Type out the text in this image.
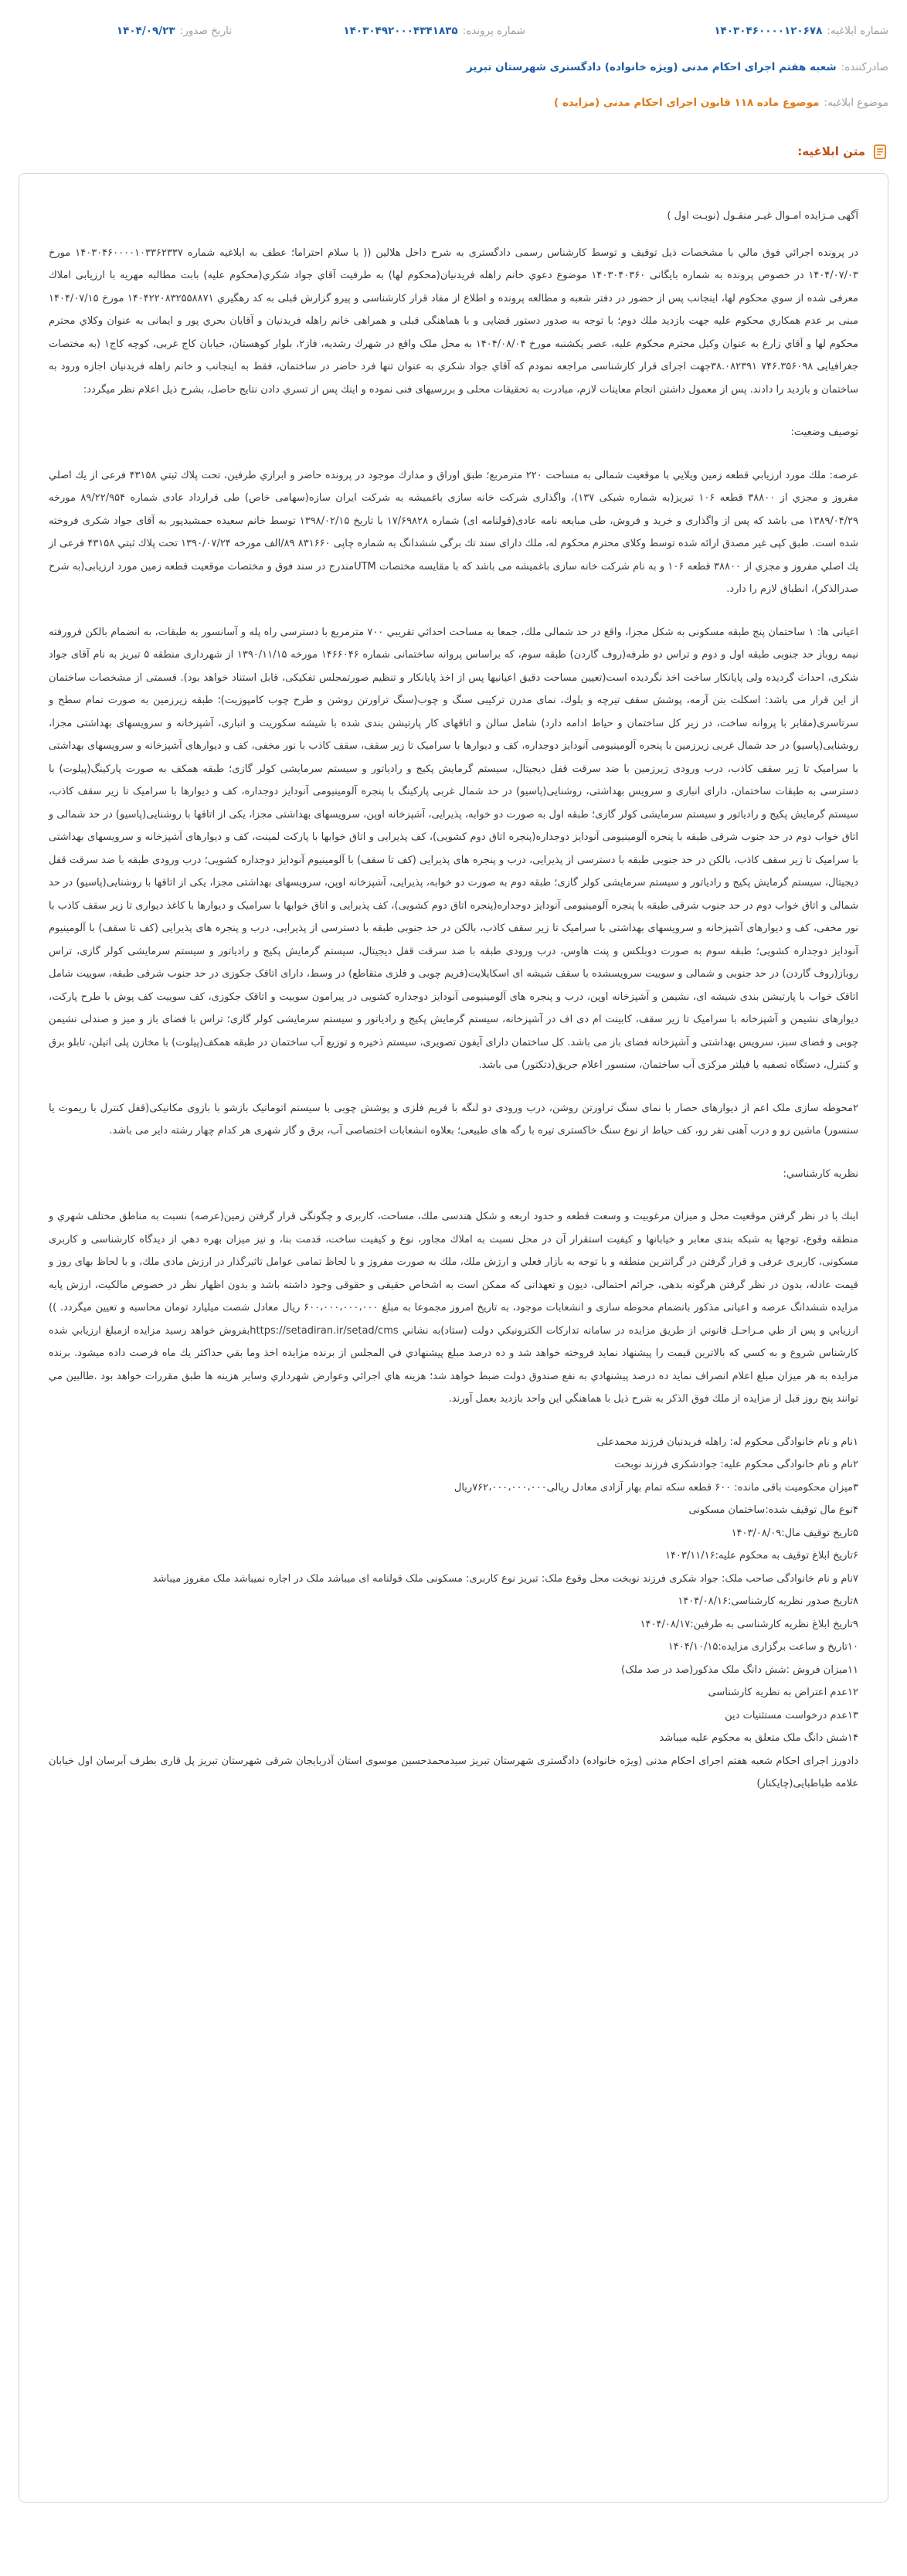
شماره ابلاغیه:
۱۴۰۳۰۴۶۰۰۰۰۱۲۰۶۷۸
شماره پرونده:
۱۴۰۳۰۴۹۲۰۰۰۴۳۴۱۸۳۵
تاریخ صدور:
۱۴۰۴/۰۹/۲۳
صادرکننده:
شعبه هفتم اجرای احکام مدنی (ویژه خانواده) دادگستری شهرستان تبریز
موضوع ابلاغیه:
موضوع ماده ۱۱۸ قانون اجرای احکام مدنی (مزایده )
متن ابلاغیه:

آگهی مـزایده امـوال غیـر منقـول (نوبـت اول )

در پرونده اجرائي فوق مالي با مشخصات ذيل توقيف و توسط كارشناس رسمی دادگستری به شرح داخل هلالين (( با سلام احتراما؛ عطف به ابلاغیه شماره ۱۴۰۳۰۴۶۰۰۰۰۱۰۳۳۶۲۳۳۷ مورخ ۱۴۰۴/۰۷/۰۳ در خصوص پرونده به شماره بایگانی ۱۴۰۳۰۴۰۳۶۰ موضوع دعوي خانم راهله فریدنیان(محکوم لها) به طرفیت آقاي جواد شکري(محکوم علیه) بابت مطالبه مهریه با ارزیابی املاك معرفی شده از سوي محکوم لها، اینجانب پس از حضور در دفتر شعبه و مطالعه پرونده و اطلاع از مفاد قرار کارشناسی و پیرو گزارش قبلی به کد رهگیري ۱۴۰۴۲۲۰۸۳۲۵۵۸۸۷۱ مورخ ۱۴۰۴/۰۷/۱۵ مبنی بر عدم همکاري محکوم علیه جهت بازدید ملك دوم؛ با توجه به صدور دستور قضایی و با هماهنگی قبلی و همراهی خانم راهله فریدنیان و آقایان بحري پور و ایمانی به عنوان وکلاي محترم محکوم لها و آقاي زارع به عنوان وکیل محترم محکوم علیه، عصر یکشنبه مورخ ۱۴۰۴/۰۸/۰۴ به محل ملک واقع در شهرك رشدیه، فاز۲، بلوار کوهستان، خیابان کاج غربی، کوچه کاج۱ (به مختصات جغرافیایی ۷۴۶.۳۵۶۰۹۸ ۳۸.۰۸۲۳۹۱جهت اجرای قرار کارشناسی مراجعه نمودم که آقاي جواد شکري به عنوان تنها فرد حاضر در ساختمان، فقط به اینجانب و خانم راهله فریدنیان اجازه ورود به ساختمان و بازدید را دادند. پس از معمول داشتن انجام معاینات لازم، مبادرت به تحقیقات محلی و بررسیهای فنی نموده و اینك پس از تسري دادن نتايج حاصل، بشرح ذيل اعلام نظر ميگردد:

توصيف وضعيت:

عرصه: ملك مورد ارزيابي قطعه زمين ويلايي با موقعیت شمالی به مساحت ۲۲۰ مترمربع؛ طبق اوراق و مدارك موجود در پرونده حاضر و ابرازي طرفين، تحت پلاك ثبتي ۴۳۱۵۸ فرعی از یك اصلي مفروز و مجزي از ۳۸۸۰۰ قطعه ۱۰۶ تبريز(به شماره شبکی ۱۳۷)، واگذاری شرکت خانه سازی باغمیشه به شرکت ایران سازه(سهامی خاص) طی قرارداد عادی شماره ۸۹/۲۲/۹۵۴ مورخه ۱۳۸۹/۰۴/۲۹ می باشد که پس از واگذاری و خرید و فروش، طی مبایعه نامه عادی(قولنامه ای) شماره ۱۷/۶۹۸۲۸ با تاریخ ۱۳۹۸/۰۲/۱۵ توسط خانم سعیده جمشیدپور به آقای جواد شکری فروخته شده است. طبق کپی غیر مصدق ارائه شده توسط وکلای محترم محکوم له، ملك دارای سند تك برگی ششدانگ به شماره چاپی ۸۳۱۶۶۰ ۸۹/الف مورخه ۱۳۹۰/۰۷/۲۴ تحت پلاك ثبتي ۴۳۱۵۸ فرعی از یك اصلي مفروز و مجزي از ۳۸۸۰۰ قطعه ۱۰۶ و به نام شرکت خانه سازی باغمیشه می باشد که با مقایسه مختصات UTMمندرج در سند فوق و مختصات موقعیت قطعه زمین مورد ارزیابی(به شرح صدرالذکر)، انطباق لازم را دارد.

اعیانی ها: ۱ ساختمان پنج طبقه مسکونی به شکل مجزا، واقع در حد شمالی ملك، جمعا به مساحت احداثي تقريبي ۷۰۰ مترمربع با دسترسی راه پله و آسانسور به طبقات، به انضمام بالکن فرورفته نیمه روباز حد جنوبی طبقه اول و دوم و تراس دو طرفه(روف گاردن) طبقه سوم، که براساس پروانه ساختمانی شماره ۱۴۶۶۰۴۶ مورخه ۱۳۹۰/۱۱/۱۵ از شهرداری منطقه ۵ تبریز به نام آقای جواد شکری، احداث گردیده ولی پایانکار ساخت اخذ نگردیده است(تعیین مساحت دقیق اعیانیها پس از اخذ پایانکار و تنظیم صورتمجلس تفکیکی، قابل استناد خواهد بود). قسمتی از مشخصات ساختمان از این قرار می باشد: اسکلت بتن آرمه، پوشش سقف تیرچه و بلوك، نمای مدرن ترکیبی سنگ و چوب(سنگ تراورتن روشن و طرح چوب کامپوزیت)؛ طبقه زیرزمین به صورت تمام سطح و سرتاسری(مقابر با پروانه ساخت، در زیر کل ساختمان و حیاط ادامه دارد) شامل سالن و اتاقهای کار پارتیشن بندی شده با شیشه سکوریت و انباری، آشپزخانه و سرویسهای بهداشتی مجزا، روشنایی(پاسیو) در حد شمال غربی زیرزمین با پنجره آلومینیومی آنودایز دوجداره، کف و دیوارها با سرامیک تا زیر سقف، سقف کاذب با نور مخفی، کف و دیوارهای آشپزخانه و سرویسهای بهداشتی با سرامیک تا زیر سقف کاذب، درب ورودی زیرزمین با ضد سرقت قفل دیجیتال، سیستم گرمایش پکیج و رادیاتور و سیستم سرمایشی کولر گازی؛ طبقه همکف به صورت پارکینگ(پیلوت) با دسترسی به طبقات ساختمان، دارای انباری و سرویس بهداشتی، روشنایی(پاسیو) در حد شمال غربی پارکینگ با پنجره آلومینیومی آنودایز دوجداره، کف و دیوارها با سرامیک تا زیر سقف کاذب، سیستم گرمایش پکیج و رادیاتور و سیستم سرمایشی کولر گازی؛ طبقه اول به صورت دو خوابه، پذیرایی، آشپزخانه اوپن، سرویسهای بهداشتی مجزا، یکی از اتاقها با روشنایی(پاسیو) در حد شمالی و اتاق خواب دوم در حد جنوب شرقی طبقه با پنجره آلومینیومی آنودایز دوجداره(پنجره اتاق دوم کشویی)، کف پذیرایی و اتاق خوابها با پارکت لمینت، کف و دیوارهای آشپزخانه و سرویسهای بهداشتی با سرامیک تا زیر سقف کاذب، بالکن در حد جنوبی طبقه با دسترسی از پذیرایی، درب و پنجره های پذیرایی (کف تا سقف) با آلومینیوم آنودایز دوجداره کشویی؛ درب ورودی طبقه با ضد سرقت قفل دیجیتال، سیستم گرمایش پکیج و رادیاتور و سیستم سرمایشی کولر گازی؛ طبقه دوم به صورت دو خوابه، پذیرایی، آشپزخانه اوپن، سرویسهای بهداشتی مجزا، یکی از اتاقها با روشنایی(پاسیو) در حد شمالی و اتاق خواب دوم در حد جنوب شرقی طبقه با پنجره آلومینیومی آنودایز دوجداره(پنجره اتاق دوم کشویی)، کف پذیرایی و اتاق خوابها با سرامیک و دیوارها با کاغذ دیواری تا زیر سقف کاذب با نور مخفی، کف و دیوارهای آشپزخانه و سرویسهای بهداشتی با سرامیک تا زیر سقف کاذب، بالکن در حد جنوبی طبقه با دسترسی از پذیرایی، درب و پنجره های پذیرایی (کف تا سقف) با آلومینیوم آنودایز دوجداره کشویی؛ طبقه سوم به صورت دوبلکس و پنت هاوس، درب ورودی طبقه با ضد سرقت قفل دیجیتال، سیستم گرمایش پکیج و رادیاتور و سیستم سرمایشی کولر گازی، تراس روباز(روف گاردن) در حد جنوبی و شمالی و سوییت سرویسشده با سقف شیشه ای اسکایلایت(فریم چوبی و فلزی متقاطع) در وسط، دارای اتاقک جکوزی در حد جنوب شرقی طبقه، سوییت شامل اتاقک خواب با پارتیشن بندی شیشه ای، نشیمن و آشپزخانه اوپن، درب و پنجره های آلومینیومی آنودایز دوجداره کشویی در پیرامون سوییت و اتاقک جکوزی، کف سوییت کف پوش با طرح پارکت، دیوارهای نشیمن و آشپزخانه با سرامیک تا زیر سقف، کابینت ام دی اف در آشپزخانه، سیستم گرمایش پکیج و رادیاتور و سیستم سرمایشی کولر گازی؛ تراس با فضای باز و میز و صندلی نشیمن چوبی و فضای سبز، سرویس بهداشتی و آشپزخانه فضای باز می باشد. کل ساختمان دارای آیفون تصویری، سیستم ذخیره و توزیع آب ساختمان در طبقه همکف(پیلوت) با مخازن پلی اتیلن، تابلو برق و کنترل، دستگاه تصفیه یا فیلتر مرکزی آب ساختمان، سنسور اعلام حریق(دتکتور) می باشد.

۲محوطه سازی ملک اعم از دیوارهای حصار با نمای سنگ تراورتن روشن، درب ورودی دو لنگه با فریم فلزی و پوشش چوبی با سیستم اتوماتیک بازشو با بازوی مکانیکی(قفل کنترل با ریموت یا سنسور) ماشین رو و درب آهنی نفر رو، کف حیاط از نوع سنگ خاکستری تیره با رگه های طبیعی؛ بعلاوه انشعابات اختصاصی آب، برق و گاز شهری هر کدام چهار رشته دایر می باشد.

نظريه كارشناسي:

اينك با در نظر گرفتن موقعيت محل و ميزان مرغوبيت و وسعت قطعه و حدود اربعه و شكل هندسی ملك، مساحت، كاربری و چگونگی قرار گرفتن زمين(عرصه) نسبت به مناطق مختلف شهري و منطقه وقوع، توجها به شبکه بندی معابر و خیابانها و کیفیت استقرار آن در محل نسبت به املاك مجاور، نوع و کیفیت ساخت، قدمت بنا، و نيز ميزان بهره دهي از ديدگاه كارشناسی و كاربری مسکونی، کاربری عرفی و قرار گرفتن در گرانترین منطقه و با توجه به بازار فعلي و ارزش ملك، ملك به صورت مفروز و با لحاظ تمامی عوامل تاثیرگذار در ارزش مادی ملك، و با لحاظ بهای روز و قیمت عادله، بدون در نظر گرفتن هرگونه بدهی، جرائم احتمالی، دیون و تعهداتی که ممکن است به اشخاص حقیقی و حقوقی وجود داشته باشد و بدون اظهار نظر در خصوص مالکیت، ارزش پایه مزایده ششدانگ عرصه و اعیانی مذکور بانضمام محوطه سازی و انشعابات موجود، به تاریخ امروز مجموعا به مبلغ ۶۰۰،۰۰۰،۰۰۰،۰۰۰ ریال معادل شصت میلیارد تومان محاسبه و تعيين ميگردد. )) ارزيابي و پس از طي مـراحـل قانوني از طريق مزايده در سامانه تداركات الكترونيكي دولت (ستاد)به نشاني https://setadiran.ir/setad/cmsبفروش خواهد رسيد مزايده ازمبلغ ارزيابي شده كارشناس شروع و به كسي كه بالاترين قيمت را پيشنهاد نمايد فروخته خواهد شد و ده درصد مبلغ پيشنهادي في المجلس از برنده مزايده اخذ وما بقي حداكثر يك ماه فرصت داده ميشود. برنده مزايده به هر ميزان مبلغ اعلام انصراف نمايد ده درصد پيشنهادي به نفع صندوق دولت ضبط خواهد شد؛ هزينه هاي اجرائي وعوارض شهرداري وسایر هزینه ها طبق مقررات خواهد بود .طالبين مي توانند پنج روز قبل از مزايده از ملك فوق الذكر به شرح ذيل با هماهنگي اين واحد بازديد بعمل آورند.

۱نام و نام خانوادگی محکوم له: راهله فریدنیان فرزند محمدعلی

۲نام و نام خانوادگی محکوم علیه: جوادشکری فرزند نوبخت

۳میزان محکومیت باقی مانده: ۶۰۰ قطعه سکه تمام بهار آزادی معادل ریالی۷۶۲،۰۰۰،۰۰۰،۰۰۰ریال

۴نوع مال توقیف شده:ساختمان مسکونی

۵تاریخ توقیف مال:۱۴۰۳/۰۸/۰۹

۶تاریخ ابلاغ توقیف به محکوم علیه:۱۴۰۳/۱۱/۱۶

۷نام و نام خانوادگی صاحب ملک: جواد شکری فرزند نوبخت محل وقوع ملک: تبریز نوع کاربری: مسکونی ملک قولنامه ای میباشد ملک در اجاره نمیباشد ملک مفروز میباشد

۸تاریخ صدور نظریه کارشناسی:۱۴۰۴/۰۸/۱۶

۹تاریخ ابلاغ نظریه کارشناسی به طرفین:۱۴۰۴/۰۸/۱۷

۱۰تاریخ و ساعت برگزاری مزایده:۱۴۰۴/۱۰/۱۵

۱۱میزان فروش :شش دانگ ملک مذکور(صد در صد ملک)

۱۲عدم اعتراض به نظریه کارشناسی

۱۳عدم درخواست مستثنیات دین

۱۴شش دانگ ملک متعلق به محکوم علیه میباشد

دادورز اجرای احکام شعبه هفتم اجرای احکام مدنی (ویژه خانواده) دادگستری شهرستان تبریز سیدمحمدحسین موسوی استان آذربایجان شرقی شهرستان تبریز پل قاری بطرف آبرسان اول خیابان علامه طباطبایی(چایکنار)
